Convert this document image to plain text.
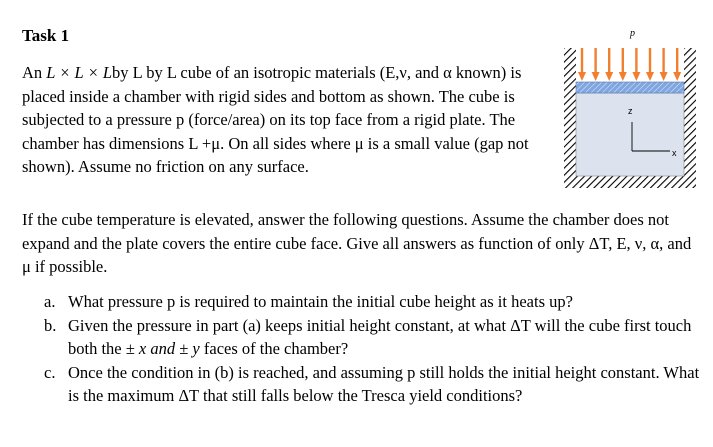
Task 1
An L × L × Lby L by L cube of an isotropic materials (E,ν, and α known) is placed inside a chamber with rigid sides and bottom as shown. The cube is subjected to a pressure p (force/area) on its top face from a rigid plate. The chamber has dimensions L +μ. On all sides where μ is a small value (gap not shown). Assume no friction on any surface.
z
x
p
If the cube temperature is elevated, answer the following questions. Assume the chamber does not expand and the plate covers the entire cube face. Give all answers as function of only ΔT, E, ν, α, and μ if possible.
a. What pressure p is required to maintain the initial cube height as it heats up?
b. Given the pressure in part (a) keeps initial height constant, at what ΔT will the cube first touch both the ± x and ± y faces of the chamber?
c. Once the condition in (b) is reached, and assuming p still holds the initial height constant. What is the maximum ΔT that still falls below the Tresca yield conditions?
